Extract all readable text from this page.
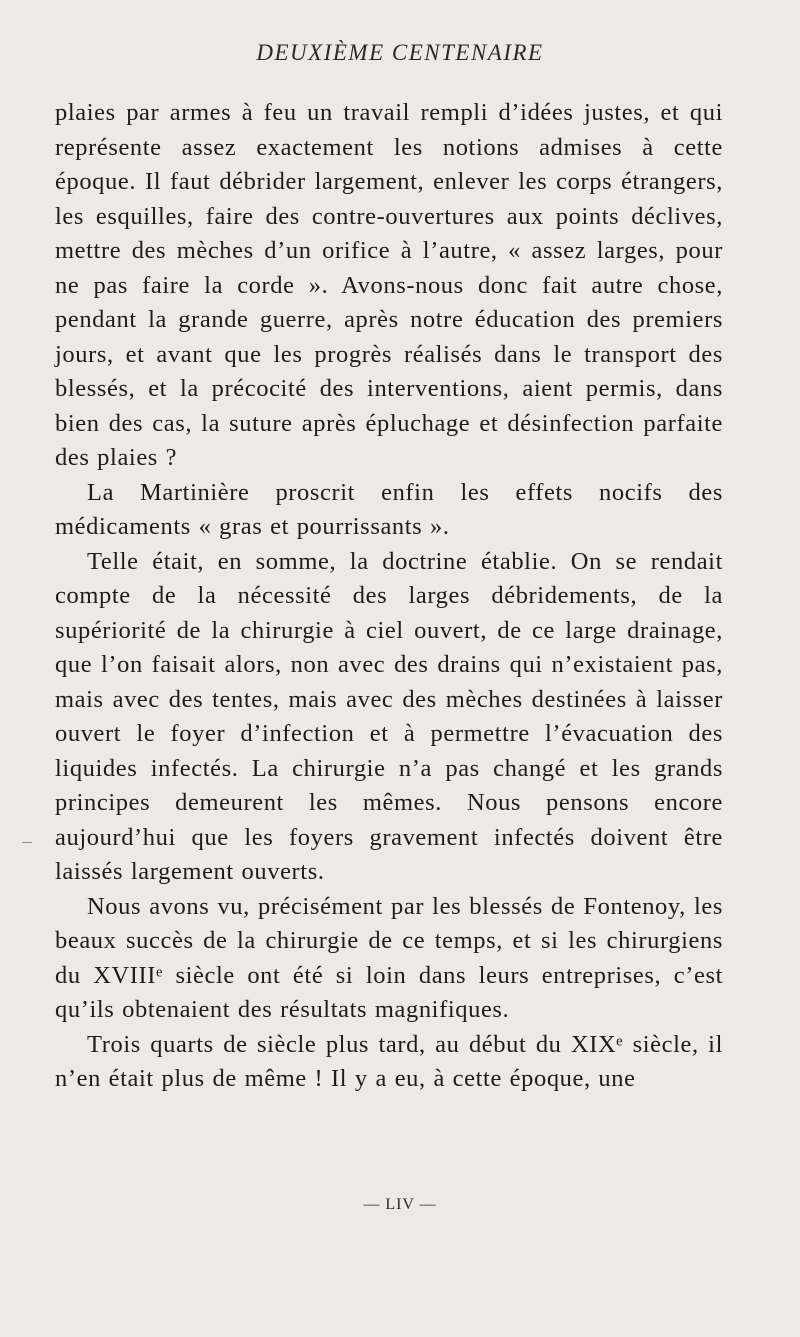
DEUXIÈME CENTENAIRE

plaies par armes à feu un travail rempli d’idées justes, et qui représente assez exactement les notions admises à cette époque. Il faut débrider largement, enlever les corps étrangers, les esquilles, faire des contre-ouvertures aux points déclives, mettre des mèches d’un orifice à l’autre, « assez larges, pour ne pas faire la corde ». Avons-nous donc fait autre chose, pendant la grande guerre, après notre éducation des premiers jours, et avant que les progrès réalisés dans le transport des blessés, et la précocité des interventions, aient permis, dans bien des cas, la suture après épluchage et désinfection parfaite des plaies ?

La Martinière proscrit enfin les effets nocifs des médicaments « gras et pourrissants ».

Telle était, en somme, la doctrine établie. On se rendait compte de la nécessité des larges débridements, de la supériorité de la chirurgie à ciel ouvert, de ce large drainage, que l’on faisait alors, non avec des drains qui n’existaient pas, mais avec des tentes, mais avec des mèches destinées à laisser ouvert le foyer d’infection et à permettre l’évacuation des liquides infectés. La chirurgie n’a pas changé et les grands principes demeurent les mêmes. Nous pensons encore aujourd’hui que les foyers gravement infectés doivent être laissés largement ouverts.

Nous avons vu, précisément par les blessés de Fontenoy, les beaux succès de la chirurgie de ce temps, et si les chirurgiens du XVIIIᵉ siècle ont été si loin dans leurs entreprises, c’est qu’ils obtenaient des résultats magnifiques.

Trois quarts de siècle plus tard, au début du XIXᵉ siècle, il n’en était plus de même ! Il y a eu, à cette époque, une

— LIV —
